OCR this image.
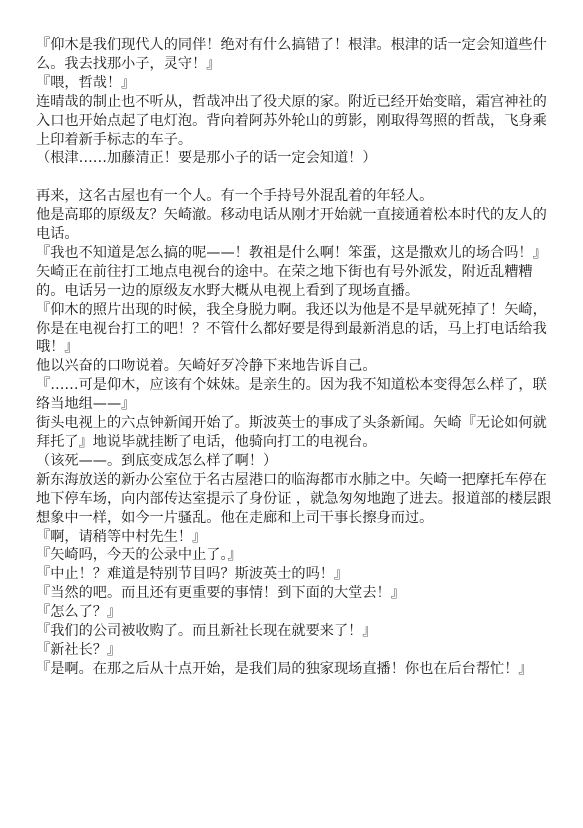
『仰木是我们现代人的同伴！绝对有什么搞错了！根津。根津的话一定会知道些什么。我去找那小子，灵守！』

『喂，哲哉！』

连晴哉的制止也不听从，哲哉冲出了役犬原的家。附近已经开始变暗，霜宫神社的入口也开始点起了电灯泡。背向着阿苏外轮山的剪影，刚取得驾照的哲哉，飞身乘上印着新手标志的车子。

（根津……加藤清正！要是那小子的话一定会知道！）

再来，这名古屋也有一个人。有一个手持号外混乱着的年轻人。

他是高耶的原级友？矢崎澈。移动电话从刚才开始就一直接通着松本时代的友人的电话。

『我也不知道是怎么搞的呢——！教祖是什么啊！笨蛋，这是撒欢儿的场合吗！』

矢崎正在前往打工地点电视台的途中。在荣之地下街也有号外派发，附近乱糟糟的。电话另一边的原级友水野大概从电视上看到了现场直播。

『仰木的照片出现的时候，我全身脱力啊。我还以为他是不是早就死掉了！矢崎，你是在电视台打工的吧！？不管什么都好要是得到最新消息的话，马上打电话给我哦！』

他以兴奋的口吻说着。矢崎好歹冷静下来地告诉自己。

『……可是仰木，应该有个妹妹。是亲生的。因为我不知道松本变得怎么样了，联络当地组——』

街头电视上的六点钟新闻开始了。斯波英士的事成了头条新闻。矢崎『无论如何就拜托了』地说毕就挂断了电话，他骑向打工的电视台。

（该死——。到底变成怎么样了啊！）

新东海放送的新办公室位于名古屋港口的临海都市水肺之中。矢崎一把摩托车停在地下停车场，向内部传达室提示了身份证 ，就急匆匆地跑了进去。报道部的楼层跟想象中一样，如今一片骚乱。他在走廊和上司干事长擦身而过。

『啊，请稍等中村先生！』

『矢崎吗，今天的公录中止了。』

『中止！？难道是特别节目吗？斯波英士的吗！』

『当然的吧。而且还有更重要的事情！到下面的大堂去！』

『怎么了？』

『我们的公司被收购了。而且新社长现在就要来了！』

『新社长？』

『是啊。在那之后从十点开始，是我们局的独家现场直播！你也在后台帮忙！』
